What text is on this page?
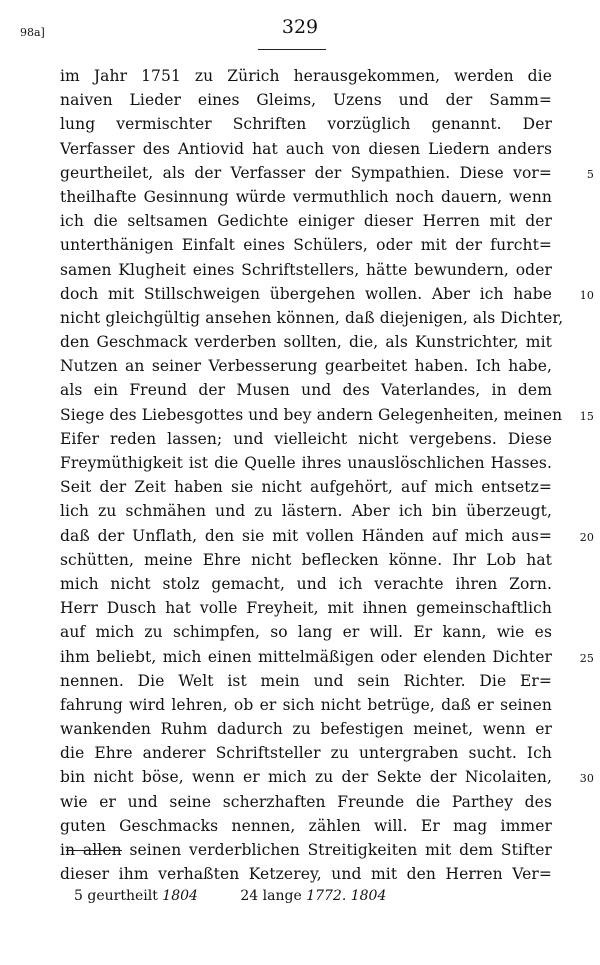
98a]	329
im Jahr 1751 zu Zürich herausgekommen, werden die
naiven Lieder eines Gleims, Uzens und der Samm=
lung vermischter Schriften vorzüglich genannt. Der
Verfasser des Antiovid hat auch von diesen Liedern anders
geurtheilet, als der Verfasser der Sympathien. Diese vor=	5
theilhafte Gesinnung würde vermuthlich noch dauern, wenn
ich die seltsamen Gedichte einiger dieser Herren mit der
unterthänigen Einfalt eines Schülers, oder mit der furcht=
samen Klugheit eines Schriftstellers, hätte bewundern, oder
doch mit Stillschweigen übergehen wollen. Aber ich habe	10
nicht gleichgültig ansehen können, daß diejenigen, als Dichter,
den Geschmack verderben sollten, die, als Kunstrichter, mit
Nutzen an seiner Verbesserung gearbeitet haben. Ich habe,
als ein Freund der Musen und des Vaterlandes, in dem
Siege des Liebesgottes und bey andern Gelegenheiten, meinen 15
Eifer reden lassen; und vielleicht nicht vergebens. Diese
Freymüthigkeit ist die Quelle ihres unauslöschlichen Hasses.
Seit der Zeit haben sie nicht aufgehört, auf mich entsetz=
lich zu schmähen und zu lästern. Aber ich bin überzeugt,
daß der Unflath, den sie mit vollen Händen auf mich aus=	20
schütten, meine Ehre nicht beflecken könne. Ihr Lob hat
mich nicht stolz gemacht, und ich verachte ihren Zorn.
Herr Dusch hat volle Freyheit, mit ihnen gemeinschaftlich
auf mich zu schimpfen, so lang er will. Er kann, wie es
ihm beliebt, mich einen mittelmäßigen oder elenden Dichter	25
nennen. Die Welt ist mein und sein Richter. Die Er=
fahrung wird lehren, ob er sich nicht betrüge, daß er seinen
wankenden Ruhm dadurch zu befestigen meinet, wenn er
die Ehre anderer Schriftsteller zu untergraben sucht. Ich
bin nicht böse, wenn er mich zu der Sekte der Nicolaiten,	30
wie er und seine scherzhaften Freunde die Parthey des
guten Geschmacks nennen, zählen will. Er mag immer
in allen seinen verderblichen Streitigkeiten mit dem Stifter
dieser ihm verhaßten Ketzerey, und mit den Herren Ver=
5 geurtheilt 1804	24 lange 1772. 1804
